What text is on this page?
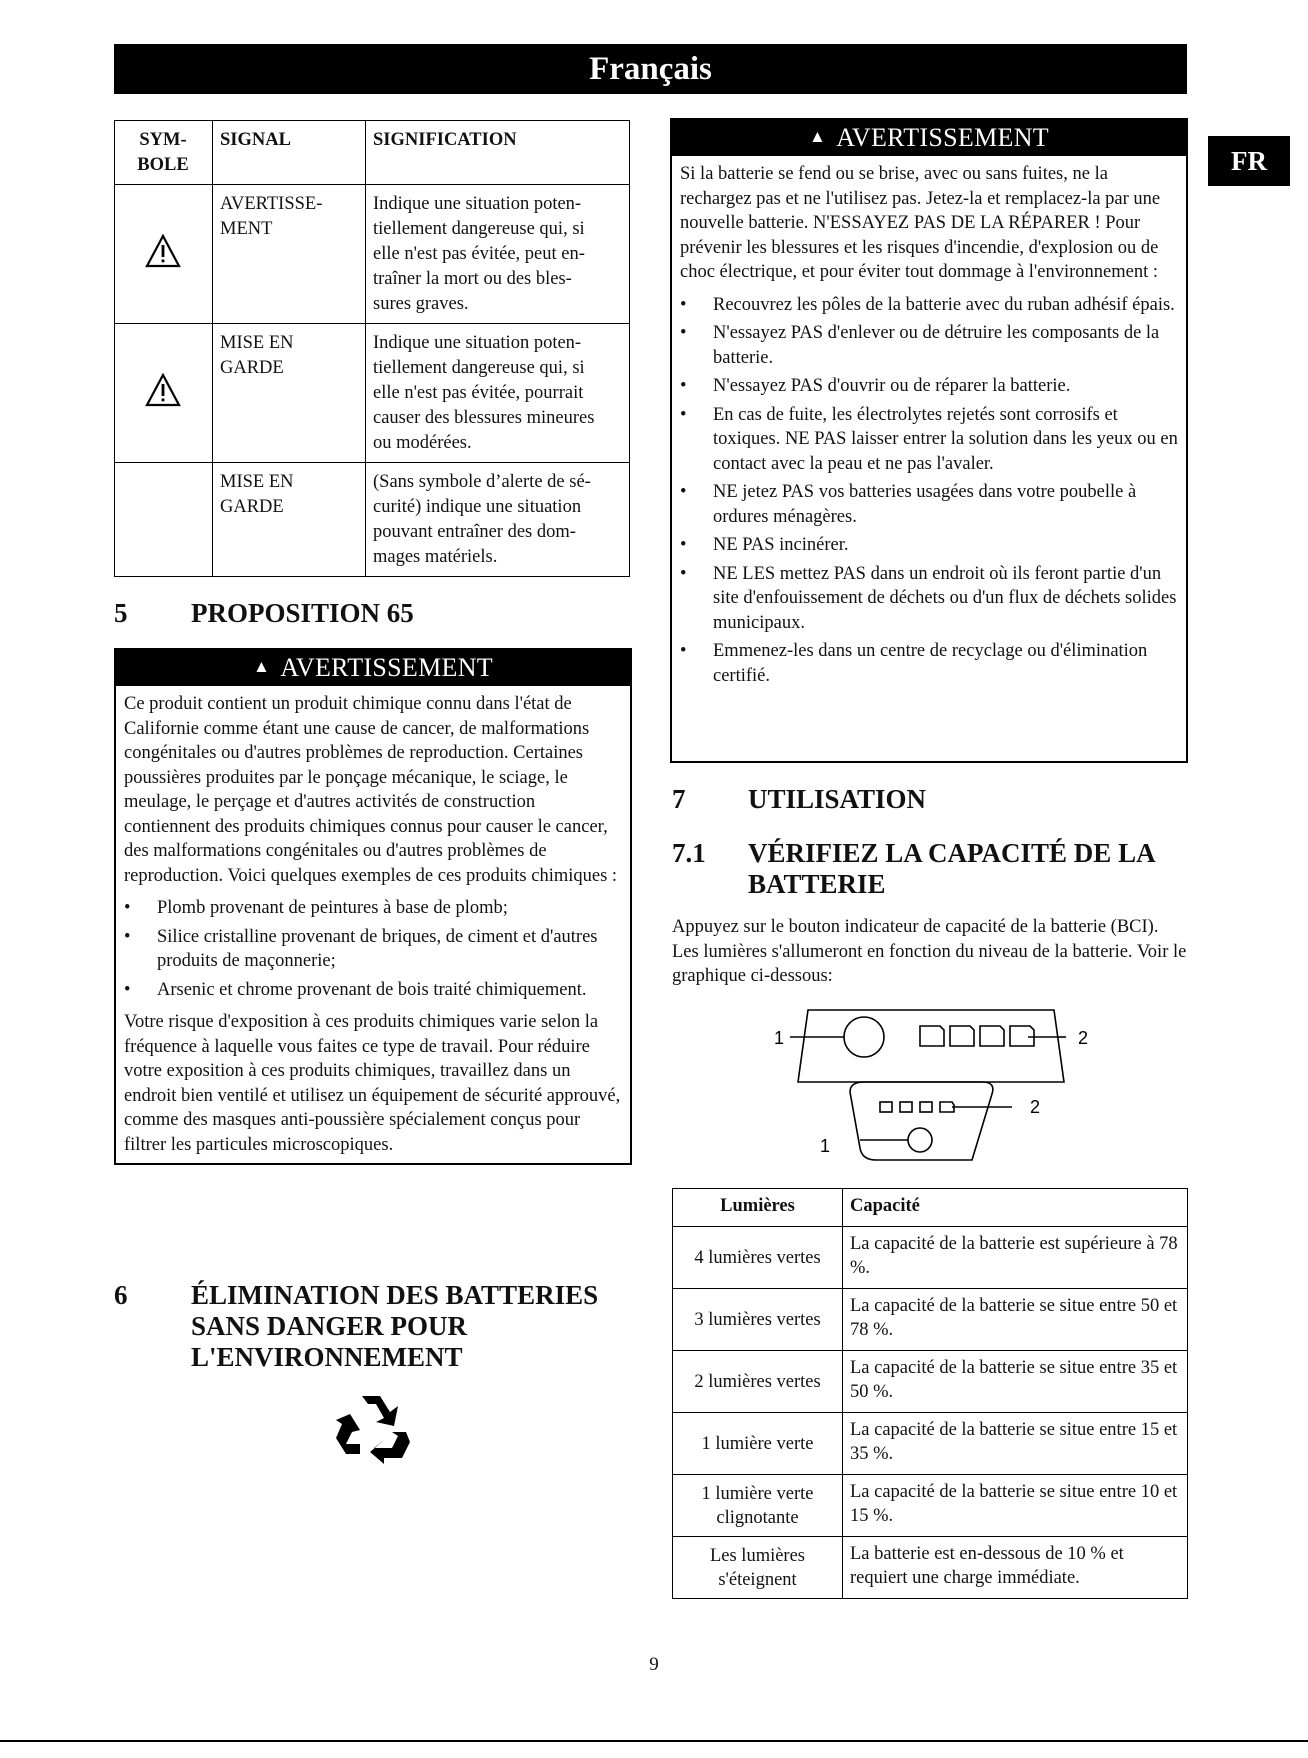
Français
FR
SYM-
BOLE	SIGNAL	SIGNIFICATION
	AVERTISSE-
MENT	Indique une situation poten-
tiellement dangereuse qui, si
elle n'est pas évitée, peut en-
traîner la mort ou des bles-
sures graves.
	MISE EN
GARDE	Indique une situation poten-
tiellement dangereuse qui, si
elle n'est pas évitée, pourrait
causer des blessures mineures
ou modérées.
	MISE EN
GARDE	(Sans symbole d’alerte de sé-
curité) indique une situation
pouvant entraîner des dom-
mages matériels.
5 PROPOSITION 65
▲ AVERTISSEMENT

Ce produit contient un produit chimique connu dans l'état de Californie comme étant une cause de cancer, de malformations congénitales ou d'autres problèmes de reproduction. Certaines poussières produites par le ponçage mécanique, le sciage, le meulage, le perçage et d'autres activités de construction contiennent des produits chimiques connus pour causer le cancer, des malformations congénitales ou d'autres problèmes de reproduction. Voici quelques exemples de ces produits chimiques :

• Plomb provenant de peintures à base de plomb;
• Silice cristalline provenant de briques, de ciment et d'autres produits de maçonnerie;
• Arsenic et chrome provenant de bois traité chimiquement.

Votre risque d'exposition à ces produits chimiques varie selon la fréquence à laquelle vous faites ce type de travail. Pour réduire votre exposition à ces produits chimiques, travaillez dans un endroit bien ventilé et utilisez un équipement de sécurité approuvé, comme des masques anti-poussière spécialement conçus pour filtrer les particules microscopiques.

6 ÉLIMINATION DES BATTERIES SANS DANGER POUR L'ENVIRONNEMENT
▲ AVERTISSEMENT

Si la batterie se fend ou se brise, avec ou sans fuites, ne la rechargez pas et ne l'utilisez pas. Jetez-la et remplacez-la par une nouvelle batterie. N'ESSAYEZ PAS DE LA RÉPARER ! Pour prévenir les blessures et les risques d'incendie, d'explosion ou de choc électrique, et pour éviter tout dommage à l'environnement :

• Recouvrez les pôles de la batterie avec du ruban adhésif épais.
• N'essayez PAS d'enlever ou de détruire les composants de la batterie.
• N'essayez PAS d'ouvrir ou de réparer la batterie.
• En cas de fuite, les électrolytes rejetés sont corrosifs et toxiques. NE PAS laisser entrer la solution dans les yeux ou en contact avec la peau et ne pas l'avaler.
• NE jetez PAS vos batteries usagées dans votre poubelle à ordures ménagères.
• NE PAS incinérer.
• NE LES mettez PAS dans un endroit où ils feront partie d'un site d'enfouissement de déchets ou d'un flux de déchets solides municipaux.
• Emmenez-les dans un centre de recyclage ou d'élimination certifié.
7 UTILISATION
7.1 VÉRIFIEZ LA CAPACITÉ DE LA BATTERIE
Appuyez sur le bouton indicateur de capacité de la batterie (BCI). Les lumières s'allumeront en fonction du niveau de la batterie. Voir le graphique ci-dessous:
1	2
2
1
Lumières	Capacité
4 lumières vertes	La capacité de la batterie est supérieure à 78 %.
3 lumières vertes	La capacité de la batterie se situe entre 50 et 78 %.
2 lumières vertes	La capacité de la batterie se situe entre 35 et 50 %.
1 lumière verte	La capacité de la batterie se situe entre 15 et 35 %.
1 lumière verte clignotante	La capacité de la batterie se situe entre 10 et 15 %.
Les lumières s'éteignent	La batterie est en-dessous de 10 % et requiert une charge immédiate.
9
